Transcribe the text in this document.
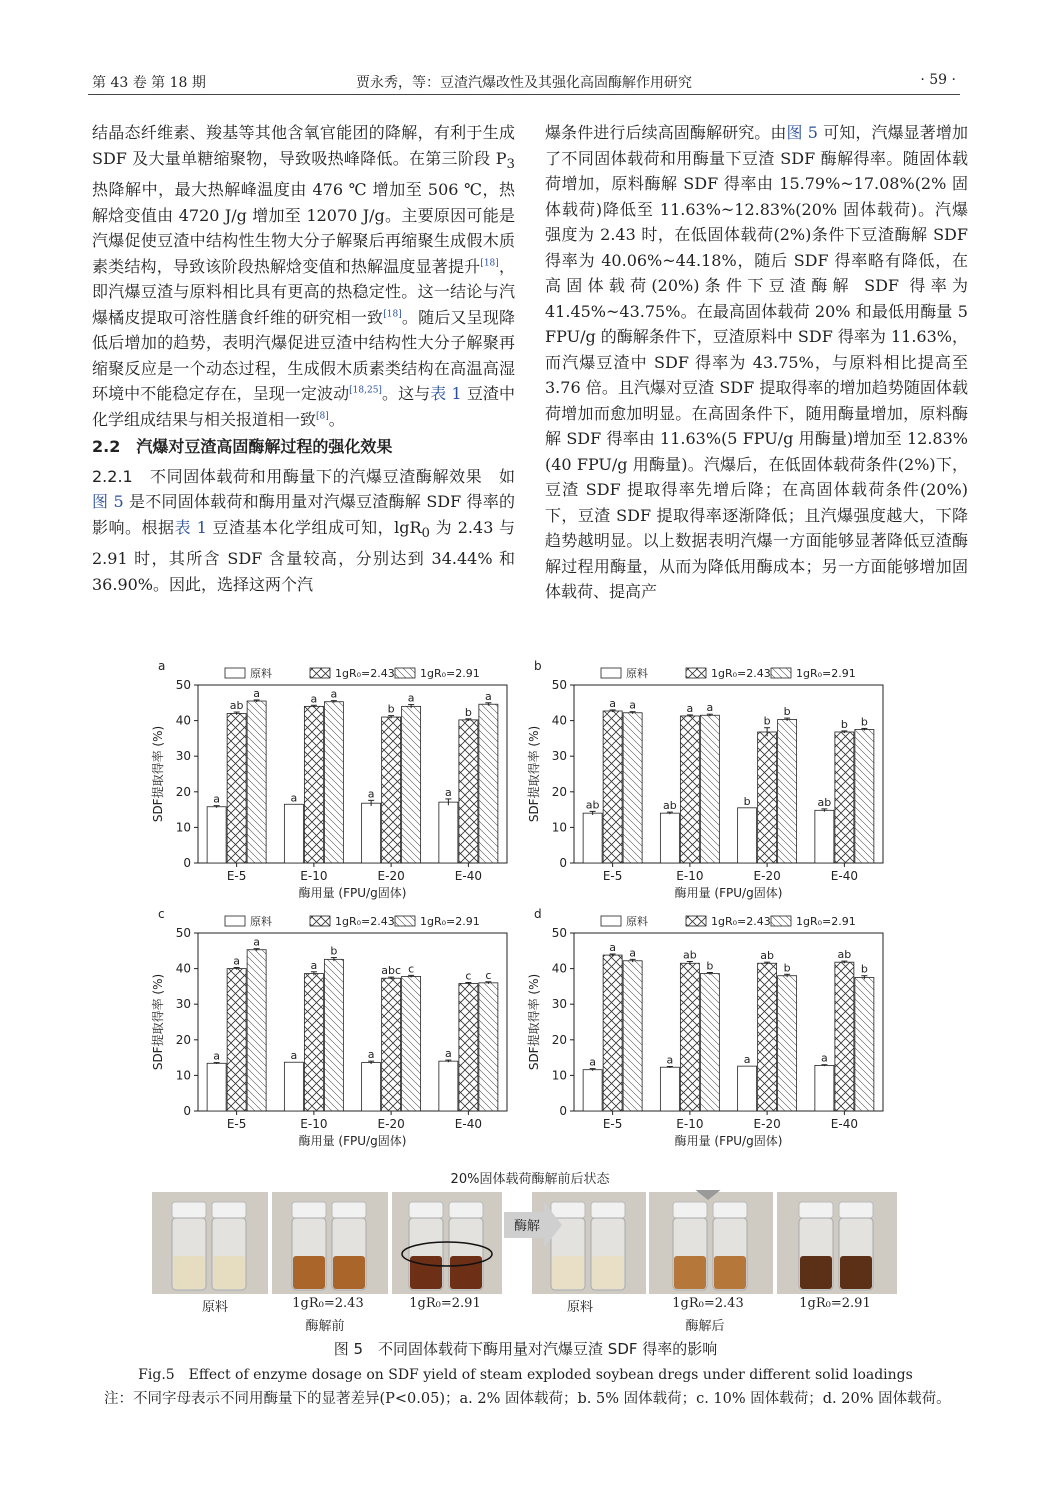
第 43 卷 第 18 期	贾永秀，等：豆渣汽爆改性及其强化高固酶解作用研究	· 59 ·

结晶态纤维素、羧基等其他含氧官能团的降解，有利于生成 SDF 及大量单糖缩聚物，导致吸热峰降低。在第三阶段 $P_3$ 热降解中，最大热解峰温度由 476 ℃ 增加至 506 ℃，热解焓变值由 4720 J/g 增加至 12070 J/g。主要原因可能是汽爆促使豆渣中结构性生物大分子解聚后再缩聚生成假木质素类结构，导致该阶段热解焓变值和热解温度显著提升[18]，即汽爆豆渣与原料相比具有更高的热稳定性。这一结论与汽爆橘皮提取可溶性膳食纤维的研究相一致[18]。随后又呈现降低后增加的趋势，表明汽爆促进豆渣中结构性大分子解聚再缩聚反应是一个动态过程，生成假木质素类结构在高温高湿环境中不能稳定存在，呈现一定波动[18,25]。这与表 1 豆渣中化学组成结果与相关报道相一致[8]。

2.2　汽爆对豆渣高固酶解过程的强化效果

2.2.1　不同固体载荷和用酶量下的汽爆豆渣酶解效果　如图 5 是不同固体载荷和酶用量对汽爆豆渣酶解 SDF 得率的影响。根据表 1 豆渣基本化学组成可知，lgR$_0$ 为 2.43 与 2.91 时，其所含 SDF 含量较高，分别达到 34.44% 和 36.90%。因此，选择这两个汽

爆条件进行后续高固酶解研究。由图 5 可知，汽爆显著增加了不同固体载荷和用酶量下豆渣 SDF 酶解得率。随固体载荷增加，原料酶解 SDF 得率由 15.79%~17.08%(2% 固体载荷)降低至 11.63%~12.83%(20% 固体载荷)。汽爆强度为 2.43 时，在低固体载荷(2%)条件下豆渣酶解 SDF 得率为 40.06%~44.18%，随后 SDF 得率略有降低，在高固体载荷(20%)条件下豆渣酶解 SDF 得率为 41.45%~43.75%。在最高固体载荷 20% 和最低用酶量 5 FPU/g 的酶解条件下，豆渣原料中 SDF 得率为 11.63%，而汽爆豆渣中 SDF 得率为 43.75%，与原料相比提高至 3.76 倍。且汽爆对豆渣 SDF 提取得率的增加趋势随固体载荷增加而愈加明显。在高固条件下，随用酶量增加，原料酶解 SDF 得率由 11.63%(5 FPU/g 用酶量)增加至 12.83%(40 FPU/g 用酶量)。汽爆后，在低固体载荷条件(2%)下，豆渣 SDF 提取得率先增后降；在高固体载荷条件(20%)下，豆渣 SDF 提取得率逐渐降低；且汽爆强度越大，下降趋势越明显。以上数据表明汽爆一方面能够显著降低豆渣酶解过程用酶量，从而为降低用酶成本；另一方面能够增加固体载荷、提高产

a
0
10
20
30
40
50
SDF提取得率 (%)
E-5
a
ab
a
E-10
a
a a
E-20
a
b
a
E-40
a
b
a
酶用量 (FPU/g固体)
原料	1gR₀=2.43 1gR₀=2.91
b
0
10
20
30
40
50
SDF提取得率 (%)
E-5
ab
a a
E-10
ab
a a
E-20
b
b
b
E-40
ab
b b
酶用量 (FPU/g固体)
原料	1gR₀=2.43 1gR₀=2.91
c
0
10
20
30
40
50
SDF提取得率 (%)
E-5
a
a
a
E-10
a
a
b
E-20
a
abc c
E-40
a
c c
酶用量 (FPU/g固体)
原料	1gR₀=2.43 1gR₀=2.91
d
0
10
20
30
40
50
SDF提取得率 (%)
E-5
a
a a
E-10
a
ab
b
E-20
a
ab
b
E-40
a
ab
b
酶用量 (FPU/g固体)
原料	1gR₀=2.43 1gR₀=2.91
20%固体载荷酶解前后状态
酶解
原料	1gR₀=2.43	1gR₀=2.91	原料	1gR₀=2.43	1gR₀=2.91
酶解前	酶解后
图 5　不同固体载荷下酶用量对汽爆豆渣 SDF 得率的影响
Fig.5　Effect of enzyme dosage on SDF yield of steam exploded soybean dregs under different solid loadings
注：不同字母表示不同用酶量下的显著差异(P<0.05)；a. 2% 固体载荷；b. 5% 固体载荷；c. 10% 固体载荷；d. 20% 固体载荷。
